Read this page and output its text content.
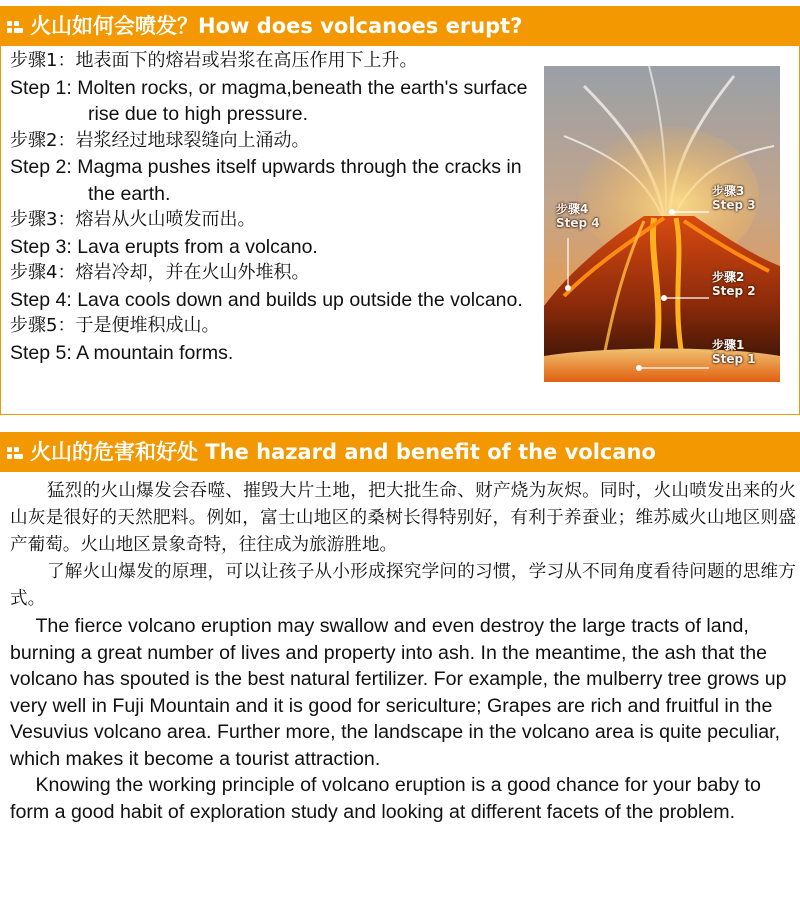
火山如何会喷发？How does volcanoes erupt?
步骤1：地表面下的熔岩或岩浆在高压作用下上升。
Step 1: Molten rocks, or magma,beneath the earth's surface rise due to high pressure.
步骤2：岩浆经过地球裂缝向上涌动。
Step 2: Magma pushes itself upwards through the cracks in the earth.
步骤3：熔岩从火山喷发而出。
Step 3: Lava erupts from a volcano.
步骤4：熔岩冷却，并在火山外堆积。
Step 4: Lava cools down and builds up outside the volcano.
步骤5：于是便堆积成山。
Step 5: A mountain forms.
步骤4
Step 4
步骤3
Step 3
步骤2
Step 2
步骤1
Step 1
火山的危害和好处 The hazard and benefit of the volcano

猛烈的火山爆发会吞噬、摧毁大片土地，把大批生命、财产烧为灰烬。同时，火山喷发出来的火山灰是很好的天然肥料。例如，富士山地区的桑树长得特别好，有利于养蚕业；维苏威火山地区则盛产葡萄。火山地区景象奇特，往往成为旅游胜地。

了解火山爆发的原理，可以让孩子从小形成探究学问的习惯，学习从不同角度看待问题的思维方式。

The fierce volcano eruption may swallow and even destroy the large tracts of land, burning a great number of lives and property into ash. In the meantime, the ash that the volcano has spouted is the best natural fertilizer. For example, the mulberry tree grows up very well in Fuji Mountain and it is good for sericulture; Grapes are rich and fruitful in the Vesuvius volcano area. Further more, the landscape in the volcano area is quite peculiar, which makes it become a tourist attraction.

Knowing the working principle of volcano eruption is a good chance for your baby to form a good habit of exploration study and looking at different facets of the problem.
